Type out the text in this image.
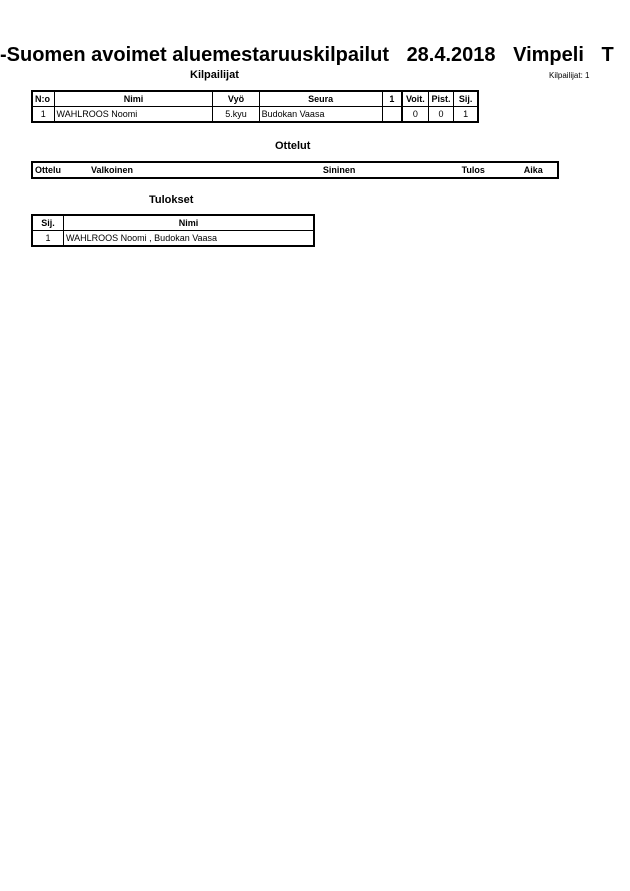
-Suomen avoimet aluemestaruuskilpailut 28.4.2018 Vimpeli T
Kilpailijat	Kilpailijat: 1
N:o	Nimi	Vyö	Seura	1	Voit.	Pist.	Sij.
1	WAHLROOS Noomi	5.kyu	Budokan Vaasa		0	0	1
Ottelut
Ottelu	Valkoinen	Sininen	Tulos	Aika
Tulokset
Sij.	Nimi
1	WAHLROOS Noomi , Budokan Vaasa
